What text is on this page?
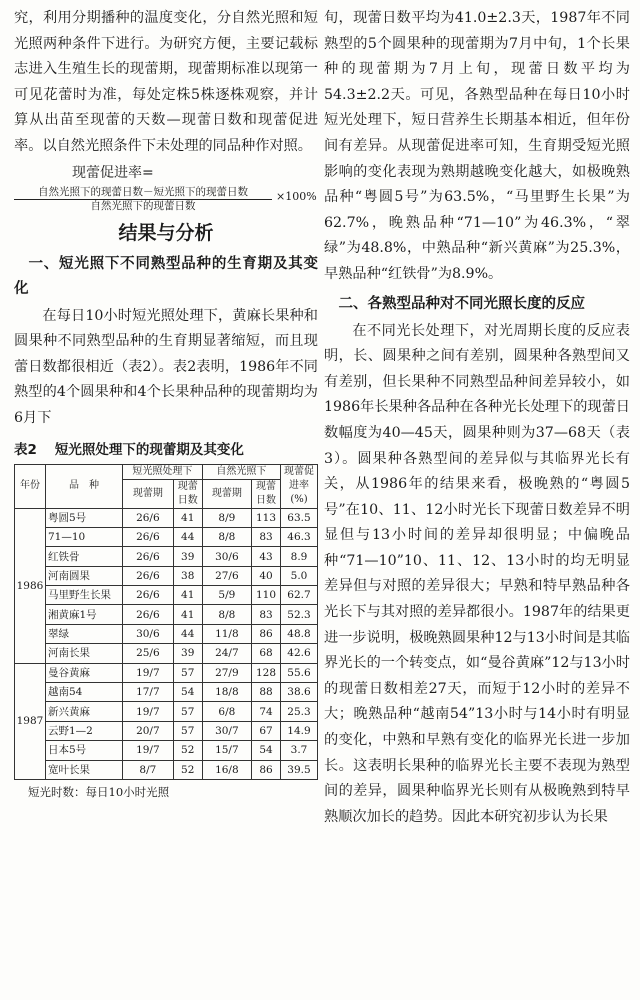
究，利用分期播种的温度变化，分自然光照和短光照两种条件下进行。为研究方便，主要记载标志进入生殖生长的现蕾期，现蕾期标准以现第一可见花蕾时为准，每处定株5株逐株观察，并计算从出苗至现蕾的天数—现蕾日数和现蕾促进率。以自然光照条件下未处理的同品种作对照。

现蕾促进率=
自然光照下的现蕾日数－短光照下的现蕾日数
自然光照下的现蕾日数
×100%
结果与分析
一、短光照下不同熟型品种的生育期及其变化

在每日10小时短光照处理下，黄麻长果种和圆果种不同熟型品种的生育期显著缩短，而且现蕾日数都很相近（表2）。表2表明，1986年不同熟型的4个圆果种和4个长果种品种的现蕾期均为6月下

表2 短光照处理下的现蕾期及其变化
年份	品　种	短光照处理下		自然光照下		现蕾促进率(%)
		现蕾期	现蕾日数	现蕾期	现蕾日数	
1986	粤圆5号	26/6	41	8/9	113	63.5
	71—10	26/6	44	8/8	83	46.3
	红铁骨	26/6	39	30/6	43	8.9
	河南圆果	26/6	38	27/6	40	5.0
	马里野生长果	26/6	41	5/9	110	62.7
	湘黄麻1号	26/6	41	8/8	83	52.3
	翠绿	30/6	44	11/8	86	48.8
	河南长果	25/6	39	24/7	68	42.6
1987	曼谷黄麻	19/7	57	27/9	128	55.6
	越南54	17/7	54	18/8	88	38.6
	新兴黄麻	19/7	57	6/8	74	25.3
	云野1—2	20/7	57	30/7	67	14.9
	日本5号	19/7	52	15/7	54	3.7
	宽叶长果	8/7	52	16/8	86	39.5
短光时数：每日10小时光照

旬，现蕾日数平均为41.0±2.3天，1987年不同熟型的5个圆果种的现蕾期为7月中旬，1个长果种的现蕾期为7月上旬，现蕾日数平均为54.3±2.2天。可见，各熟型品种在每日10小时短光处理下，短日营养生长期基本相近，但年份间有差异。从现蕾促进率可知，生育期受短光照影响的变化表现为熟期越晚变化越大，如极晚熟品种“粤圆5号”为63.5%，“马里野生长果”为62.7%，晚熟品种“71—10”为46.3%，“翠绿”为48.8%，中熟品种“新兴黄麻”为25.3%，早熟品种“红铁骨”为8.9%。

二、各熟型品种对不同光照长度的反应

在不同光长处理下，对光周期长度的反应表明，长、圆果种之间有差别，圆果种各熟型间又有差别，但长果种不同熟型品种间差异较小，如1986年长果种各品种在各种光长处理下的现蕾日数幅度为40—45天，圆果种则为37—68天（表3）。圆果种各熟型间的差异似与其临界光长有关，从1986年的结果来看，极晚熟的“粤圆5号”在10、11、12小时光长下现蕾日数差异不明显但与13小时间的差异却很明显；中偏晚品种“71—10”10、11、12、13小时的均无明显差异但与对照的差异很大；早熟和特早熟品种各光长下与其对照的差异都很小。1987年的结果更进一步说明，极晚熟圆果种12与13小时间是其临界光长的一个转变点，如“曼谷黄麻”12与13小时的现蕾日数相差27天，而短于12小时的差异不大；晚熟品种“越南54”13小时与14小时有明显的变化，中熟和早熟有变化的临界光长进一步加长。这表明长果种的临界光长主要不表现为熟型间的差异，圆果种临界光长则有从极晚熟到特早熟顺次加长的趋势。因此本研究初步认为长果
